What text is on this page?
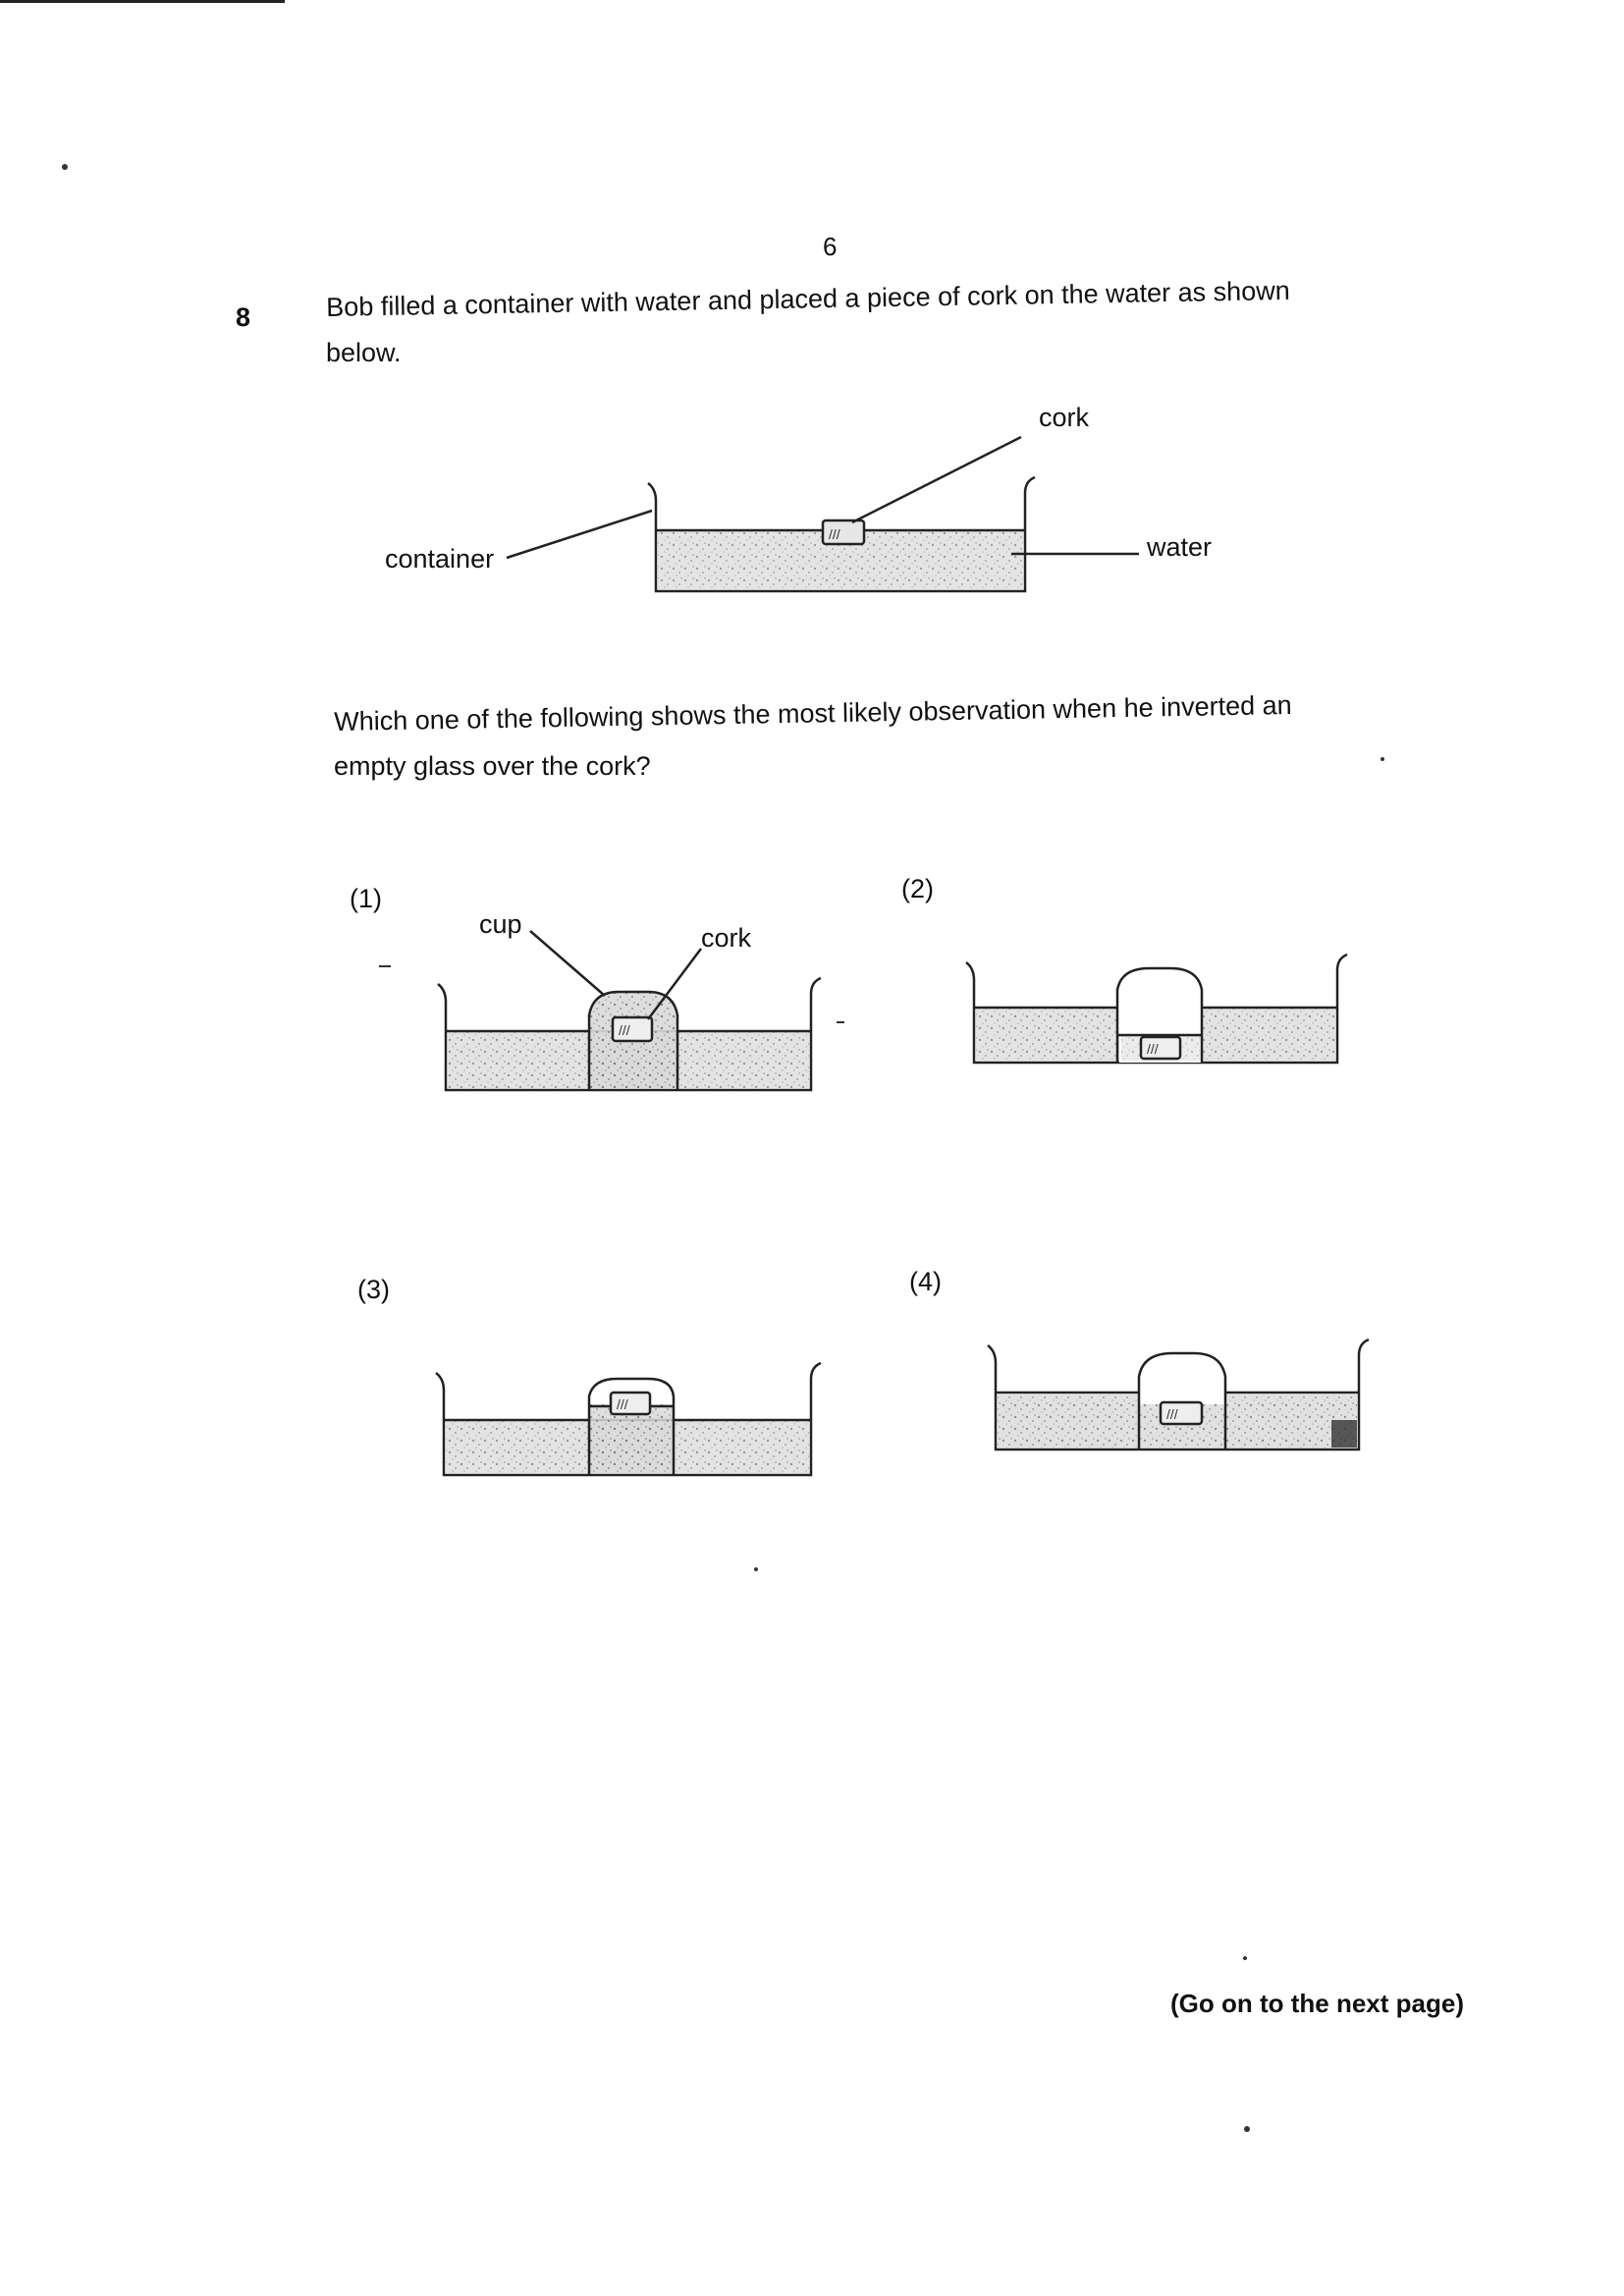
6
8	Bob filled a container with water and placed a piece of cork on the water as shown
below.
Which one of the following shows the most likely observation when he inverted an
empty glass over the cork?
///
cork
container	water
(1)
///
cup	cork
(2)
///
(3)
///
(4)
///
(Go on to the next page)
